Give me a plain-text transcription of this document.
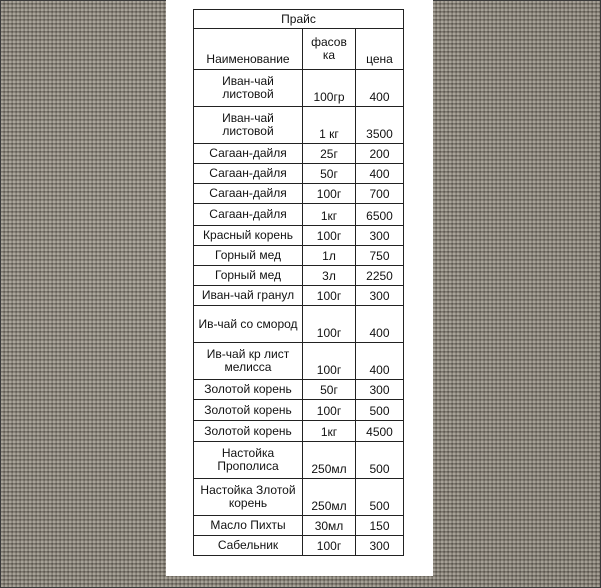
Прайс		
Наименование	фасов ка	цена
Иван-чай листовой	100гр	400
Иван-чай листовой	1 кг	3500
Сагаан-дайля	25г	200
Сагаан-дайля	50г	400
Сагаан-дайля	100г	700
Сагаан-дайля	1кг	6500
Красный корень	100г	300
Горный мед	1л	750
Горный мед	3л	2250
Иван-чай гранул	100г	300
Ив-чай со смород	100г	400
Ив-чай кр лист мелисса	100г	400
Золотой корень	50г	300
Золотой корень	100г	500
Золотой корень	1кг	4500
Настойка Прополиса	250мл	500
Настойка Злотой корень	250мл	500
Масло Пихты	30мл	150
Сабельник	100г	300
